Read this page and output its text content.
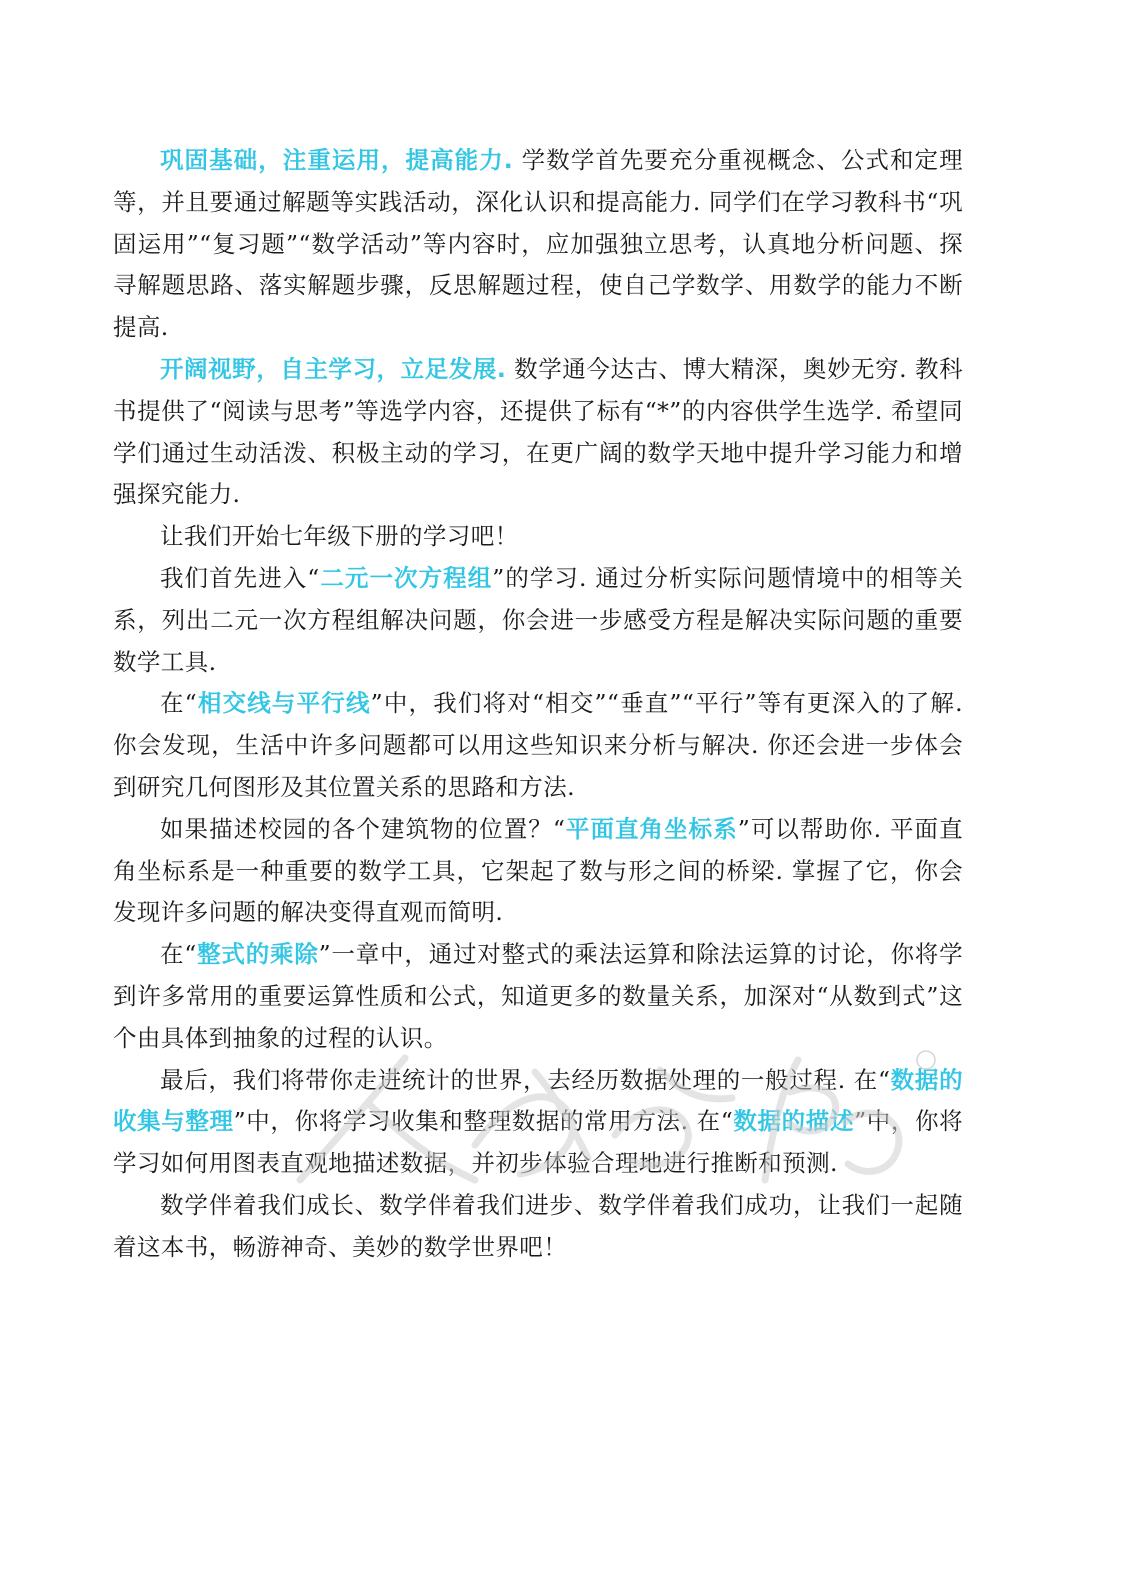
巩固基础，注重运用，提高能力. 学数学首先要充分重视概念、公式和定理等，并且要通过解题等实践活动，深化认识和提高能力. 同学们在学习教科书“巩固运用”“复习题”“数学活动”等内容时，应加强独立思考，认真地分析问题、探寻解题思路、落实解题步骤，反思解题过程，使自己学数学、用数学的能力不断提高.

开阔视野，自主学习，立足发展. 数学通今达古、博大精深，奥妙无穷. 教科书提供了“阅读与思考”等选学内容，还提供了标有“*”的内容供学生选学. 希望同学们通过生动活泼、积极主动的学习，在更广阔的数学天地中提升学习能力和增强探究能力.

让我们开始七年级下册的学习吧！

我们首先进入“二元一次方程组”的学习. 通过分析实际问题情境中的相等关系，列出二元一次方程组解决问题，你会进一步感受方程是解决实际问题的重要数学工具.

在“相交线与平行线”中，我们将对“相交”“垂直”“平行”等有更深入的了解. 你会发现，生活中许多问题都可以用这些知识来分析与解决. 你还会进一步体会到研究几何图形及其位置关系的思路和方法.

如果描述校园的各个建筑物的位置？“平面直角坐标系”可以帮助你. 平面直角坐标系是一种重要的数学工具，它架起了数与形之间的桥梁. 掌握了它，你会发现许多问题的解决变得直观而简明.

在“整式的乘除”一章中，通过对整式的乘法运算和除法运算的讨论，你将学到许多常用的重要运算性质和公式，知道更多的数量关系，加深对“从数到式”这个由具体到抽象的过程的认识。

最后，我们将带你走进统计的世界，去经历数据处理的一般过程. 在“数据的收集与整理”中，你将学习收集和整理数据的常用方法. 在“数据的描述”中，你将学习如何用图表直观地描述数据，并初步体验合理地进行推断和预测.

数学伴着我们成长、数学伴着我们进步、数学伴着我们成功，让我们一起随着这本书，畅游神奇、美妙的数学世界吧！
